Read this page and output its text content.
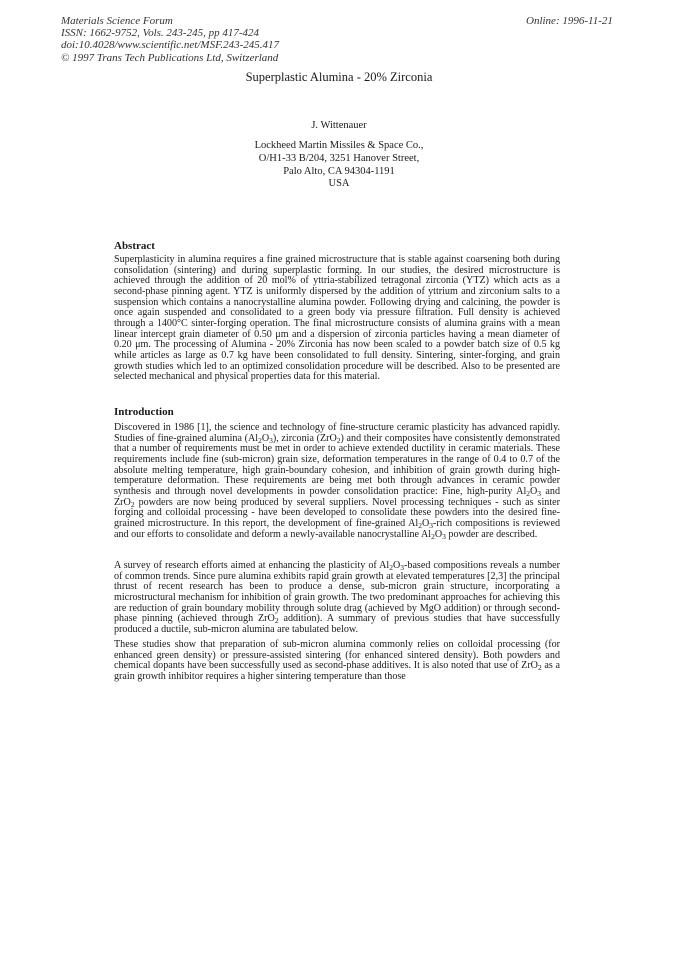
Materials Science Forum
ISSN: 1662-9752, Vols. 243-245, pp 417-424
doi:10.4028/www.scientific.net/MSF.243-245.417
© 1997 Trans Tech Publications Ltd, Switzerland
Online: 1996-11-21
Superplastic Alumina - 20% Zirconia
J. Wittenauer
Lockheed Martin Missiles & Space Co.,
O/H1-33 B/204, 3251 Hanover Street,
Palo Alto, CA 94304-1191
USA
Abstract
Superplasticity in alumina requires a fine grained microstructure that is stable against coarsening both during consolidation (sintering) and during superplastic forming. In our studies, the desired microstructure is achieved through the addition of 20 mol% of yttria-stabilized tetragonal zirconia (YTZ) which acts as a second-phase pinning agent. YTZ is uniformly dispersed by the addition of yttrium and zirconium salts to a suspension which contains a nanocrystalline alumina powder. Following drying and calcining, the powder is once again suspended and consolidated to a green body via pressure filtration. Full density is achieved through a 1400°C sinter-forging operation. The final microstructure consists of alumina grains with a mean linear intercept grain diameter of 0.50 μm and a dispersion of zirconia particles having a mean diameter of 0.20 μm. The processing of Alumina - 20% Zirconia has now been scaled to a powder batch size of 0.5 kg while articles as large as 0.7 kg have been consolidated to full density. Sintering, sinter-forging, and grain growth studies which led to an optimized consolidation procedure will be described. Also to be presented are selected mechanical and physical properties data for this material.
Introduction
Discovered in 1986 [1], the science and technology of fine-structure ceramic plasticity has advanced rapidly. Studies of fine-grained alumina $(Al_2O_3)$, zirconia (ZrO$_2$) and their composites have consistently demonstrated that a number of requirements must be met in order to achieve extended ductility in ceramic materials. These requirements include fine (sub-micron) grain size, deformation temperatures in the range of 0.4 to 0.7 of the absolute melting temperature, high grain-boundary cohesion, and inhibition of grain growth during high-temperature deformation. These requirements are being met both through advances in ceramic powder synthesis and through novel developments in powder consolidation practice: Fine, high-purity $Al_2O_3$ and ZrO$_2$ powders are now being produced by several suppliers. Novel processing techniques - such as sinter forging and colloidal processing - have been developed to consolidate these powders into the desired fine-grained microstructure. In this report, the development of fine-grained $Al_2O_3$-rich compositions is reviewed and our efforts to consolidate and deform a newly-available nanocrystalline $Al_2O_3$ powder are described.
A survey of research efforts aimed at enhancing the plasticity of $Al_2O_3$-based compositions reveals a number of common trends. Since pure alumina exhibits rapid grain growth at elevated temperatures [2,3] the principal thrust of recent research has been to produce a dense, sub-micron grain structure, incorporating a microstructural mechanism for inhibition of grain growth. The two predominant approaches for achieving this are reduction of grain boundary mobility through solute drag (achieved by MgO addition) or through second-phase pinning (achieved through ZrO$_2$ addition). A summary of previous studies that have successfully produced a ductile, sub-micron alumina are tabulated below.
These studies show that preparation of sub-micron alumina commonly relies on colloidal processing (for enhanced green density) or pressure-assisted sintering (for enhanced sintered density). Both powders and chemical dopants have been successfully used as second-phase additives. It is also noted that use of ZrO$_2$ as a grain growth inhibitor requires a higher sintering temperature than those
